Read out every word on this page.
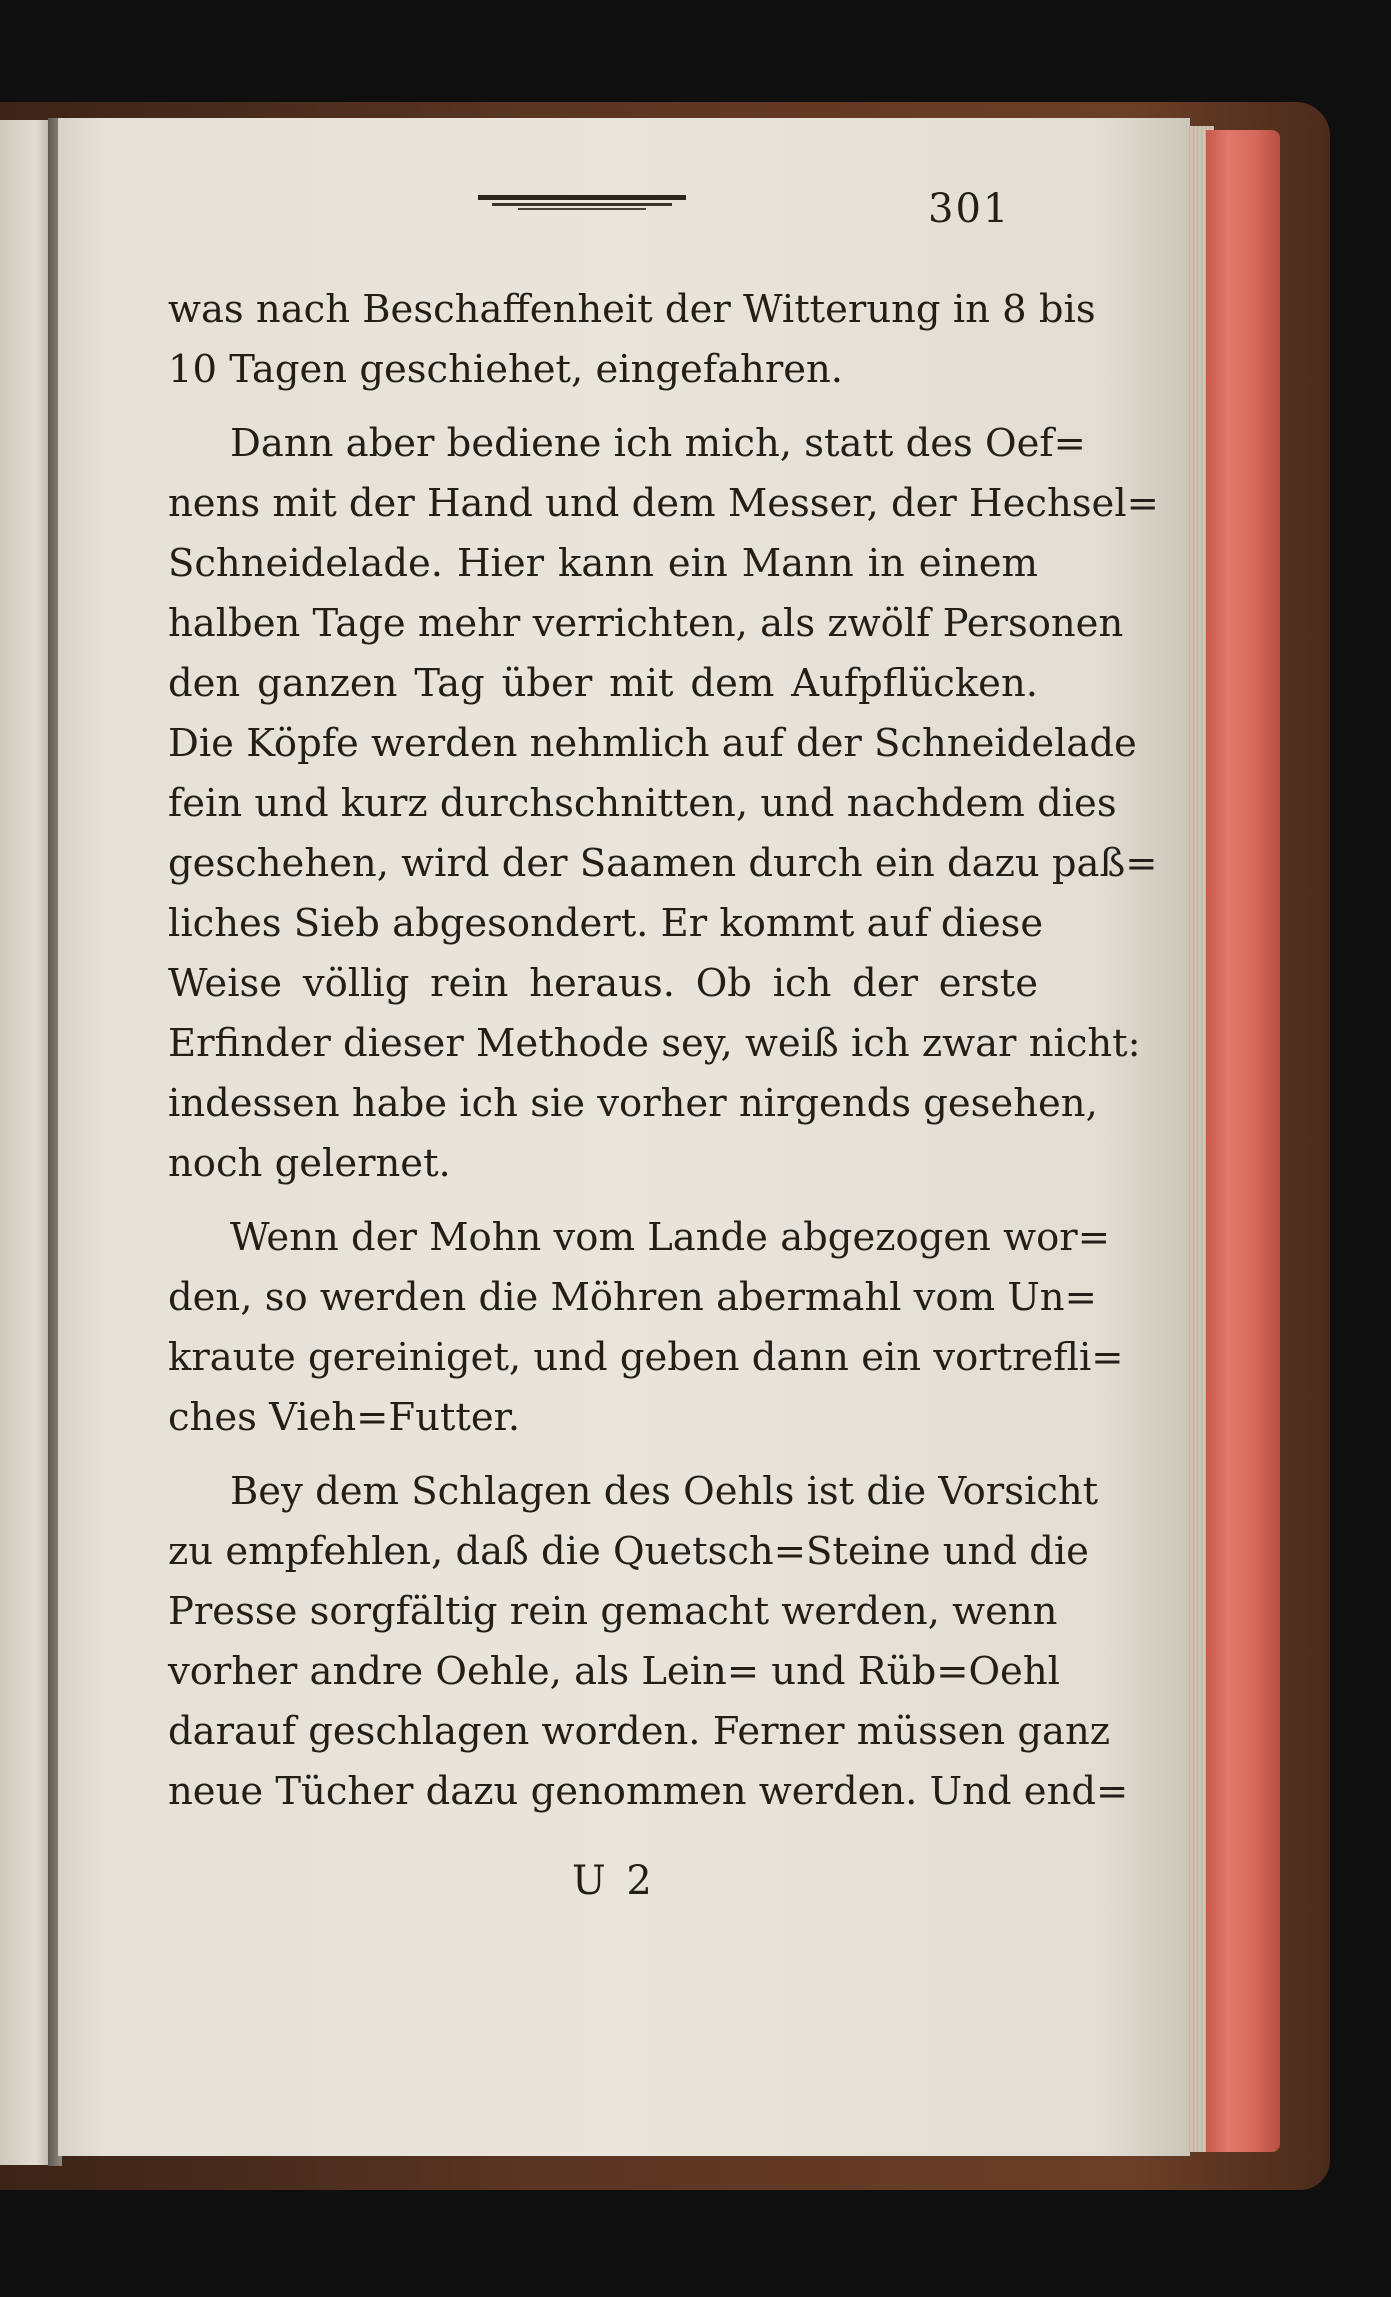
301
was nach Beschaffenheit der Witterung in 8 bis
10 Tagen geschiehet, eingefahren.
Dann aber bediene ich mich, statt des Oef=
nens mit der Hand und dem Messer, der Hechsel=
Schneidelade. Hier kann ein Mann in einem
halben Tage mehr verrichten, als zwölf Personen
den ganzen Tag über mit dem Aufpflücken.
Die Köpfe werden nehmlich auf der Schneidelade
fein und kurz durchschnitten, und nachdem dies
geschehen, wird der Saamen durch ein dazu paß=
liches Sieb abgesondert. Er kommt auf diese
Weise völlig rein heraus. Ob ich der erste
Erfinder dieser Methode sey, weiß ich zwar nicht:
indessen habe ich sie vorher nirgends gesehen,
noch gelernet.
Wenn der Mohn vom Lande abgezogen wor=
den, so werden die Möhren abermahl vom Un=
kraute gereiniget, und geben dann ein vortrefli=
ches Vieh=Futter.
Bey dem Schlagen des Oehls ist die Vorsicht
zu empfehlen, daß die Quetsch=Steine und die
Presse sorgfältig rein gemacht werden, wenn
vorher andre Oehle, als Lein= und Rüb=Oehl
darauf geschlagen worden. Ferner müssen ganz
neue Tücher dazu genommen werden. Und end=
U 2
